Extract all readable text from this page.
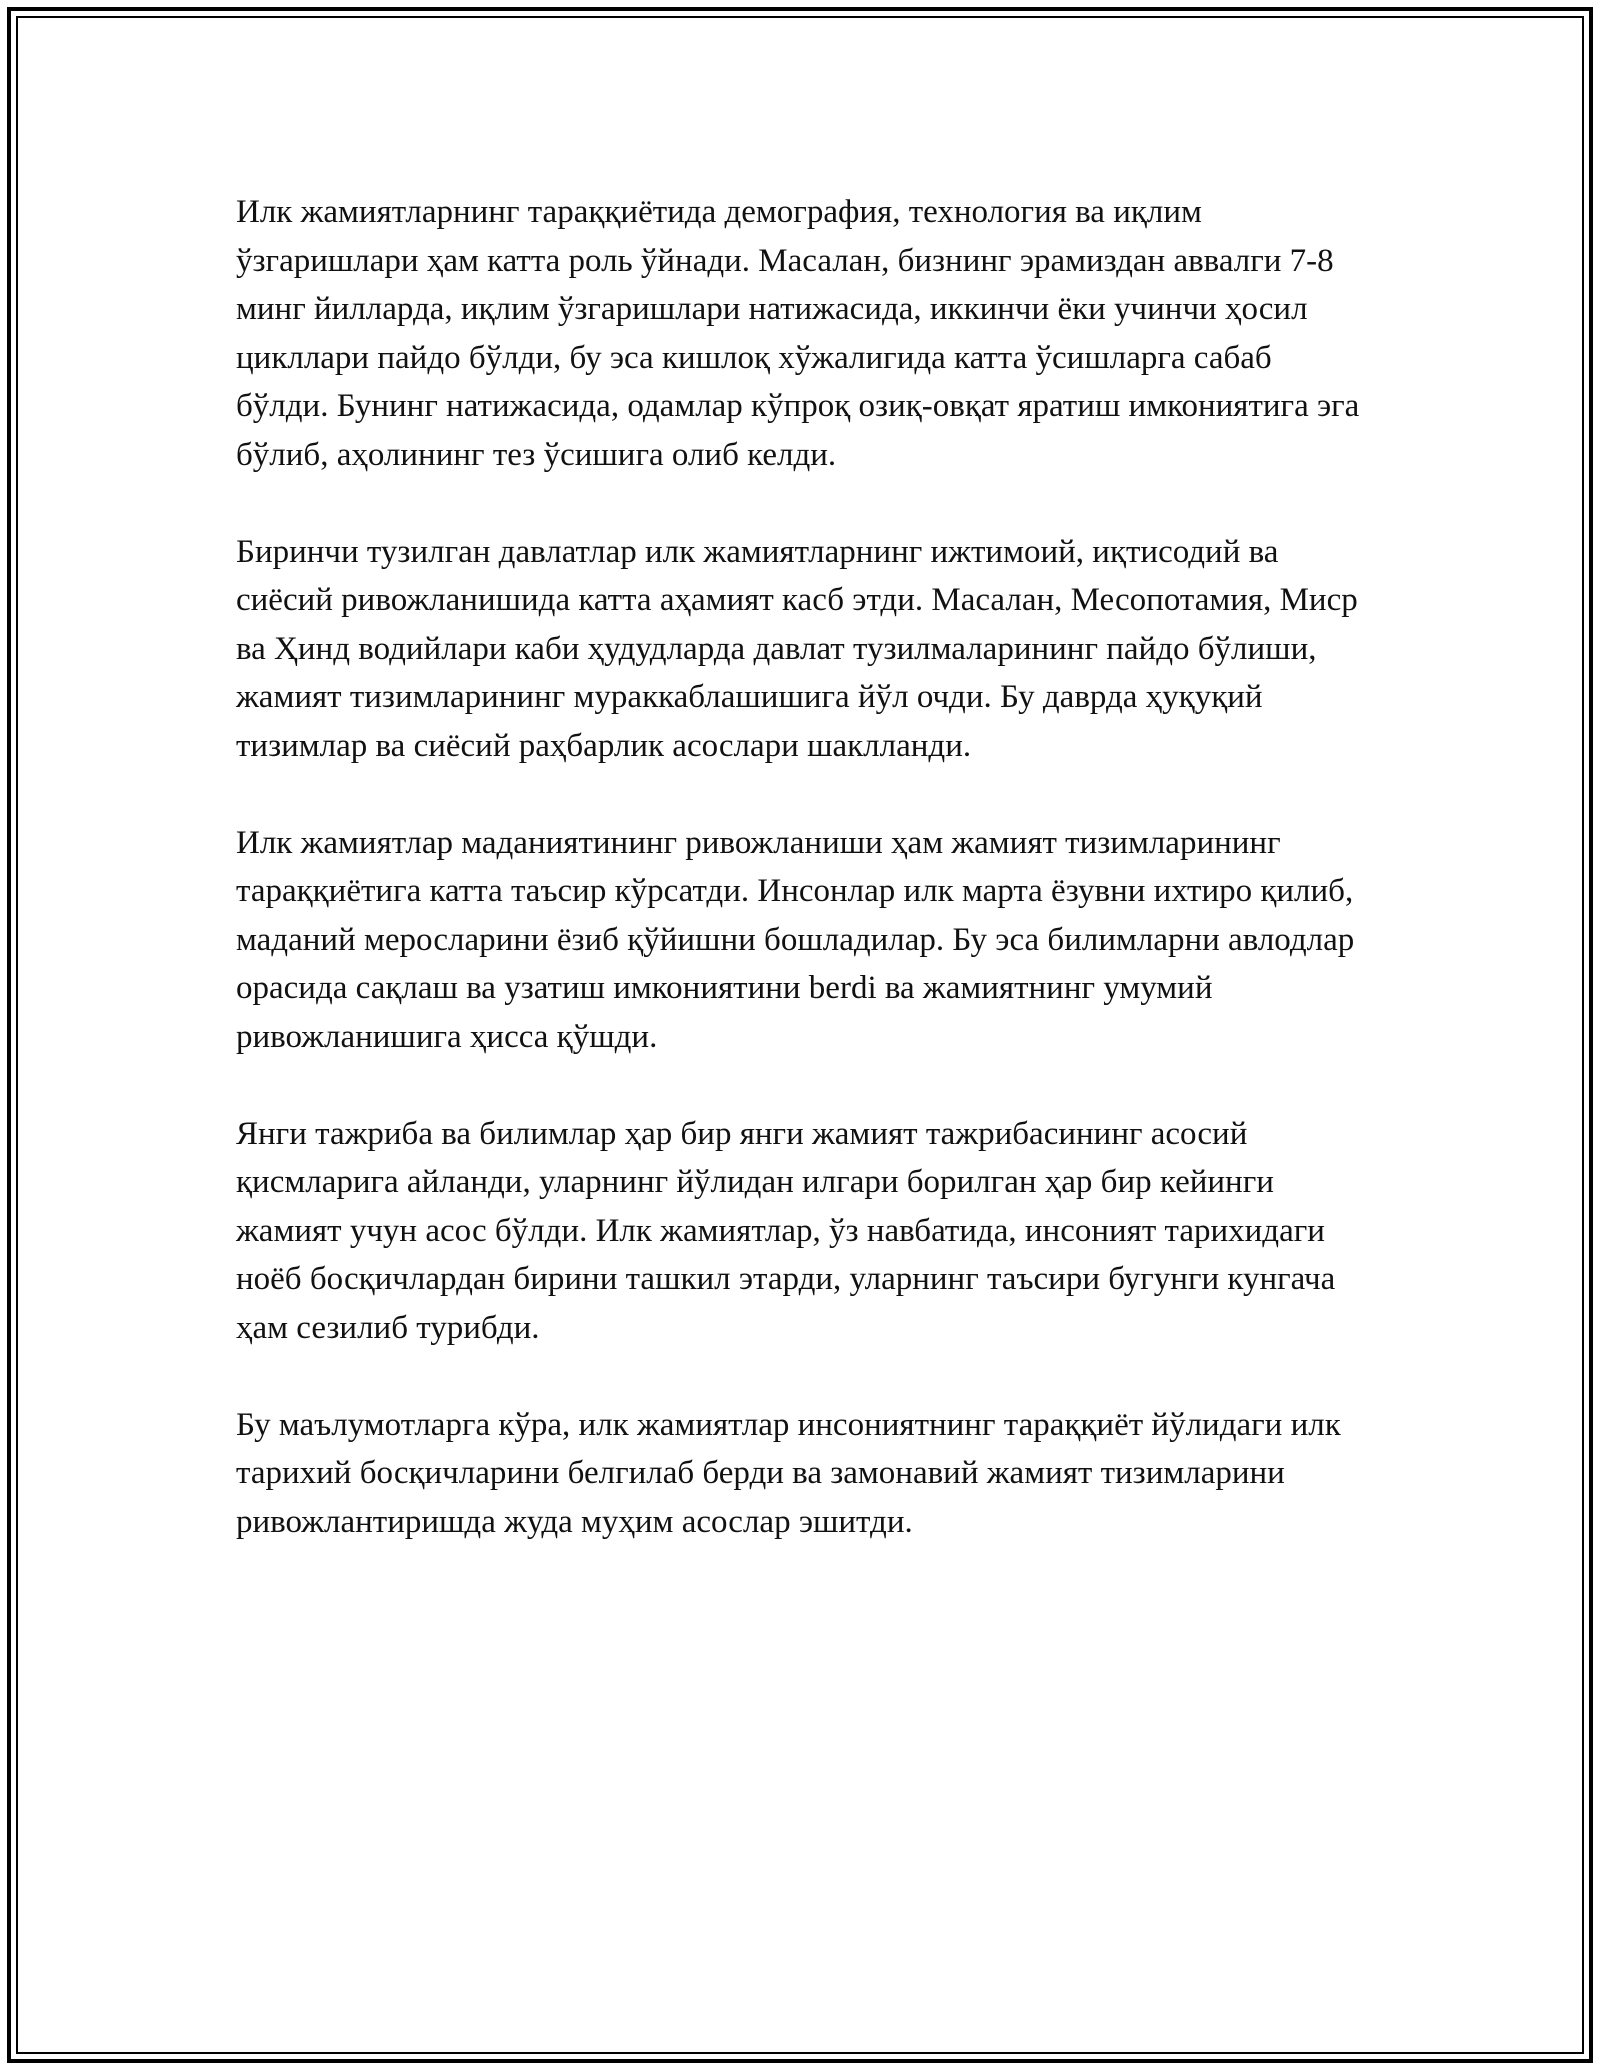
Илк жамиятларнинг тараққиётида демография, технология ва иқлим ўзгаришлари ҳам катта роль ўйнади. Масалан, бизнинг эрамиздан аввалги 7-8 минг йилларда, иқлим ўзгаришлари натижасида, иккинчи ёки учинчи ҳосил цикллари пайдо бўлди, бу эса кишлоқ хўжалигида катта ўсишларга сабаб бўлди. Бунинг натижасида, одамлар кўпроқ озиқ-овқат яратиш имкониятига эга бўлиб, аҳолининг тез ўсишига олиб келди.

Биринчи тузилган давлатлар илк жамиятларнинг ижтимоий, иқтисодий ва сиёсий ривожланишида катта аҳамият касб этди. Масалан, Месопотамия, Миср ва Ҳинд водийлари каби ҳудудларда давлат тузилмаларининг пайдо бўлиши, жамият тизимларининг мураккаблашишига йўл очди. Бу даврда ҳуқуқий тизимлар ва сиёсий раҳбарлик асослари шаклланди.

Илк жамиятлар маданиятининг ривожланиши ҳам жамият тизимларининг тараққиётига катта таъсир кўрсатди. Инсонлар илк марта ёзувни ихтиро қилиб, маданий меросларини ёзиб қўйишни бошладилар. Бу эса билимларни авлодлар орасида сақлаш ва узатиш имкониятини berdi ва жамиятнинг умумий ривожланишига ҳисса қўшди.

Янги тажриба ва билимлар ҳар бир янги жамият тажрибасининг асосий қисмларига айланди, уларнинг йўлидан илгари борилган ҳар бир кейинги жамият учун асос бўлди. Илк жамиятлар, ўз навбатида, инсоният тарихидаги ноёб босқичлардан бирини ташкил этарди, уларнинг таъсири бугунги кунгача ҳам сезилиб турибди.

Бу маълумотларга кўра, илк жамиятлар инсониятнинг тараққиёт йўлидаги илк тарихий босқичларини белгилаб берди ва замонавий жамият тизимларини ривожлантиришда жуда муҳим асослар эшитди.
